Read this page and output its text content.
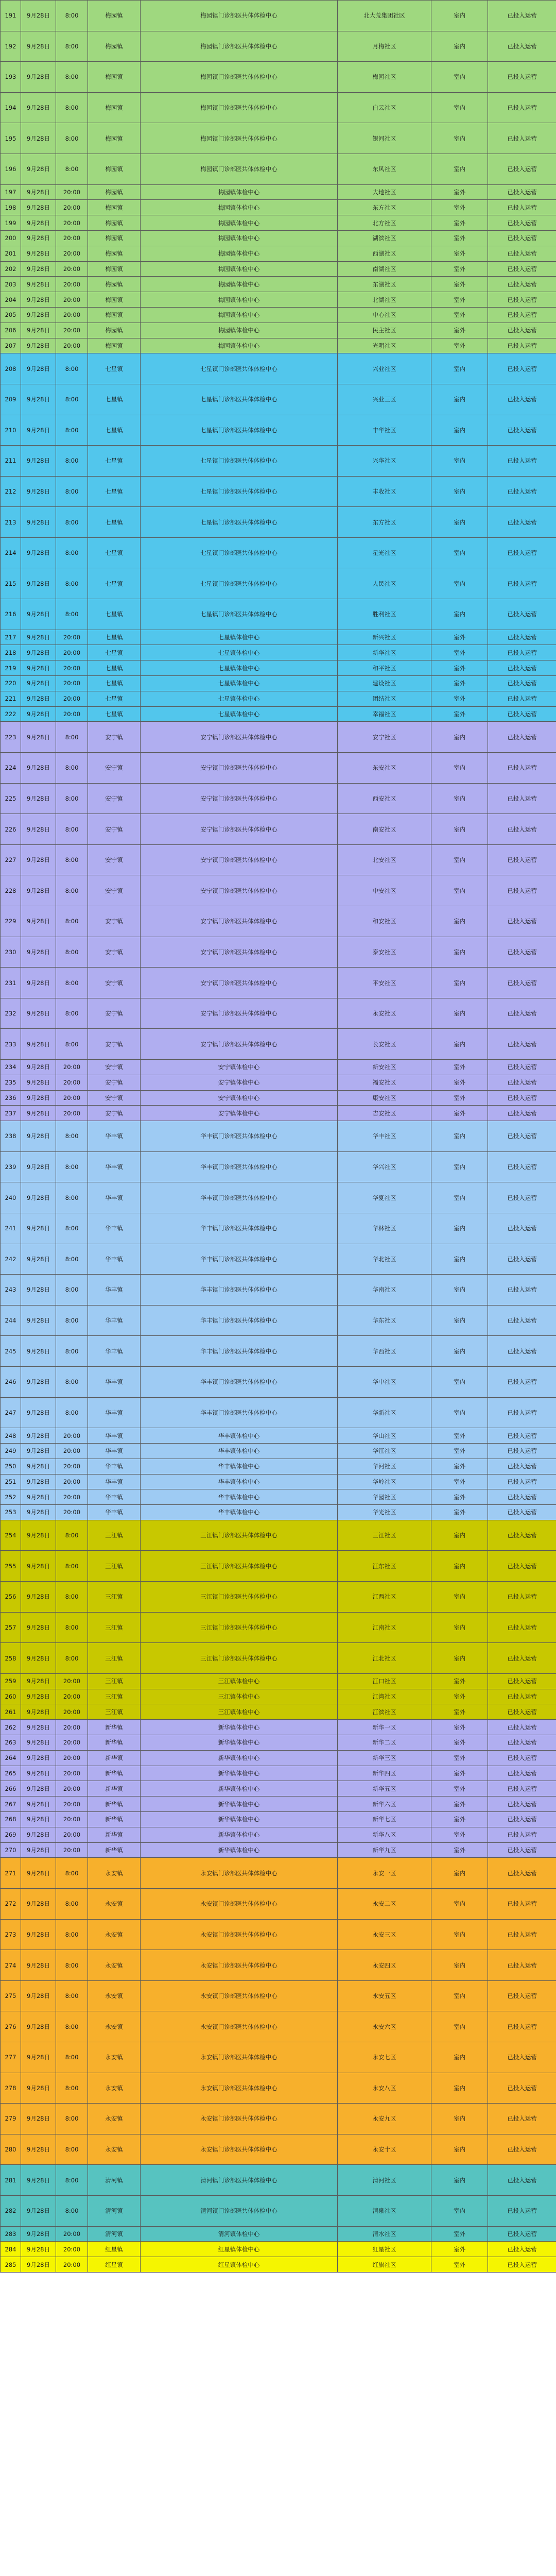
191	9月28日	8:00	梅园镇	梅园镇门诊部医共体体检中心	北大荒集团社区	室内	已投入运营
192	9月28日	8:00	梅园镇	梅园镇门诊部医共体体检中心	月梅社区	室内	已投入运营
193	9月28日	8:00	梅园镇	梅园镇门诊部医共体体检中心	梅园社区	室内	已投入运营
194	9月28日	8:00	梅园镇	梅园镇门诊部医共体体检中心	白云社区	室内	已投入运营
195	9月28日	8:00	梅园镇	梅园镇门诊部医共体体检中心	银河社区	室内	已投入运营
196	9月28日	8:00	梅园镇	梅园镇门诊部医共体体检中心	东风社区	室内	已投入运营
197	9月28日	20:00	梅园镇	梅园镇体检中心	大地社区	室外	已投入运营
198	9月28日	20:00	梅园镇	梅园镇体检中心	东方社区	室外	已投入运营
199	9月28日	20:00	梅园镇	梅园镇体检中心	北方社区	室外	已投入运营
200	9月28日	20:00	梅园镇	梅园镇体检中心	湖滨社区	室外	已投入运营
201	9月28日	20:00	梅园镇	梅园镇体检中心	西湖社区	室外	已投入运营
202	9月28日	20:00	梅园镇	梅园镇体检中心	南湖社区	室外	已投入运营
203	9月28日	20:00	梅园镇	梅园镇体检中心	东湖社区	室外	已投入运营
204	9月28日	20:00	梅园镇	梅园镇体检中心	北湖社区	室外	已投入运营
205	9月28日	20:00	梅园镇	梅园镇体检中心	中心社区	室外	已投入运营
206	9月28日	20:00	梅园镇	梅园镇体检中心	民主社区	室外	已投入运营
207	9月28日	20:00	梅园镇	梅园镇体检中心	光明社区	室外	已投入运营
208	9月28日	8:00	七星镇	七星镇门诊部医共体体检中心	兴业社区	室内	已投入运营
209	9月28日	8:00	七星镇	七星镇门诊部医共体体检中心	兴业三区	室内	已投入运营
210	9月28日	8:00	七星镇	七星镇门诊部医共体体检中心	丰华社区	室内	已投入运营
211	9月28日	8:00	七星镇	七星镇门诊部医共体体检中心	兴华社区	室内	已投入运营
212	9月28日	8:00	七星镇	七星镇门诊部医共体体检中心	丰收社区	室内	已投入运营
213	9月28日	8:00	七星镇	七星镇门诊部医共体体检中心	东方社区	室内	已投入运营
214	9月28日	8:00	七星镇	七星镇门诊部医共体体检中心	星光社区	室内	已投入运营
215	9月28日	8:00	七星镇	七星镇门诊部医共体体检中心	人民社区	室内	已投入运营
216	9月28日	8:00	七星镇	七星镇门诊部医共体体检中心	胜利社区	室内	已投入运营
217	9月28日	20:00	七星镇	七星镇体检中心	新兴社区	室外	已投入运营
218	9月28日	20:00	七星镇	七星镇体检中心	新华社区	室外	已投入运营
219	9月28日	20:00	七星镇	七星镇体检中心	和平社区	室外	已投入运营
220	9月28日	20:00	七星镇	七星镇体检中心	建设社区	室外	已投入运营
221	9月28日	20:00	七星镇	七星镇体检中心	团结社区	室外	已投入运营
222	9月28日	20:00	七星镇	七星镇体检中心	幸福社区	室外	已投入运营
223	9月28日	8:00	安宁镇	安宁镇门诊部医共体体检中心	安宁社区	室内	已投入运营
224	9月28日	8:00	安宁镇	安宁镇门诊部医共体体检中心	东安社区	室内	已投入运营
225	9月28日	8:00	安宁镇	安宁镇门诊部医共体体检中心	西安社区	室内	已投入运营
226	9月28日	8:00	安宁镇	安宁镇门诊部医共体体检中心	南安社区	室内	已投入运营
227	9月28日	8:00	安宁镇	安宁镇门诊部医共体体检中心	北安社区	室内	已投入运营
228	9月28日	8:00	安宁镇	安宁镇门诊部医共体体检中心	中安社区	室内	已投入运营
229	9月28日	8:00	安宁镇	安宁镇门诊部医共体体检中心	和安社区	室内	已投入运营
230	9月28日	8:00	安宁镇	安宁镇门诊部医共体体检中心	泰安社区	室内	已投入运营
231	9月28日	8:00	安宁镇	安宁镇门诊部医共体体检中心	平安社区	室内	已投入运营
232	9月28日	8:00	安宁镇	安宁镇门诊部医共体体检中心	永安社区	室内	已投入运营
233	9月28日	8:00	安宁镇	安宁镇门诊部医共体体检中心	长安社区	室内	已投入运营
234	9月28日	20:00	安宁镇	安宁镇体检中心	新安社区	室外	已投入运营
235	9月28日	20:00	安宁镇	安宁镇体检中心	福安社区	室外	已投入运营
236	9月28日	20:00	安宁镇	安宁镇体检中心	康安社区	室外	已投入运营
237	9月28日	20:00	安宁镇	安宁镇体检中心	吉安社区	室外	已投入运营
238	9月28日	8:00	华丰镇	华丰镇门诊部医共体体检中心	华丰社区	室内	已投入运营
239	9月28日	8:00	华丰镇	华丰镇门诊部医共体体检中心	华兴社区	室内	已投入运营
240	9月28日	8:00	华丰镇	华丰镇门诊部医共体体检中心	华夏社区	室内	已投入运营
241	9月28日	8:00	华丰镇	华丰镇门诊部医共体体检中心	华林社区	室内	已投入运营
242	9月28日	8:00	华丰镇	华丰镇门诊部医共体体检中心	华北社区	室内	已投入运营
243	9月28日	8:00	华丰镇	华丰镇门诊部医共体体检中心	华南社区	室内	已投入运营
244	9月28日	8:00	华丰镇	华丰镇门诊部医共体体检中心	华东社区	室内	已投入运营
245	9月28日	8:00	华丰镇	华丰镇门诊部医共体体检中心	华西社区	室内	已投入运营
246	9月28日	8:00	华丰镇	华丰镇门诊部医共体体检中心	华中社区	室内	已投入运营
247	9月28日	8:00	华丰镇	华丰镇门诊部医共体体检中心	华新社区	室内	已投入运营
248	9月28日	20:00	华丰镇	华丰镇体检中心	华山社区	室外	已投入运营
249	9月28日	20:00	华丰镇	华丰镇体检中心	华江社区	室外	已投入运营
250	9月28日	20:00	华丰镇	华丰镇体检中心	华河社区	室外	已投入运营
251	9月28日	20:00	华丰镇	华丰镇体检中心	华岭社区	室外	已投入运营
252	9月28日	20:00	华丰镇	华丰镇体检中心	华园社区	室外	已投入运营
253	9月28日	20:00	华丰镇	华丰镇体检中心	华光社区	室外	已投入运营
254	9月28日	8:00	三江镇	三江镇门诊部医共体体检中心	三江社区	室内	已投入运营
255	9月28日	8:00	三江镇	三江镇门诊部医共体体检中心	江东社区	室内	已投入运营
256	9月28日	8:00	三江镇	三江镇门诊部医共体体检中心	江西社区	室内	已投入运营
257	9月28日	8:00	三江镇	三江镇门诊部医共体体检中心	江南社区	室内	已投入运营
258	9月28日	8:00	三江镇	三江镇门诊部医共体体检中心	江北社区	室内	已投入运营
259	9月28日	20:00	三江镇	三江镇体检中心	江口社区	室外	已投入运营
260	9月28日	20:00	三江镇	三江镇体检中心	江湾社区	室外	已投入运营
261	9月28日	20:00	三江镇	三江镇体检中心	江滨社区	室外	已投入运营
262	9月28日	20:00	新华镇	新华镇体检中心	新华一区	室外	已投入运营
263	9月28日	20:00	新华镇	新华镇体检中心	新华二区	室外	已投入运营
264	9月28日	20:00	新华镇	新华镇体检中心	新华三区	室外	已投入运营
265	9月28日	20:00	新华镇	新华镇体检中心	新华四区	室外	已投入运营
266	9月28日	20:00	新华镇	新华镇体检中心	新华五区	室外	已投入运营
267	9月28日	20:00	新华镇	新华镇体检中心	新华六区	室外	已投入运营
268	9月28日	20:00	新华镇	新华镇体检中心	新华七区	室外	已投入运营
269	9月28日	20:00	新华镇	新华镇体检中心	新华八区	室外	已投入运营
270	9月28日	20:00	新华镇	新华镇体检中心	新华九区	室外	已投入运营
271	9月28日	8:00	永安镇	永安镇门诊部医共体体检中心	永安一区	室内	已投入运营
272	9月28日	8:00	永安镇	永安镇门诊部医共体体检中心	永安二区	室内	已投入运营
273	9月28日	8:00	永安镇	永安镇门诊部医共体体检中心	永安三区	室内	已投入运营
274	9月28日	8:00	永安镇	永安镇门诊部医共体体检中心	永安四区	室内	已投入运营
275	9月28日	8:00	永安镇	永安镇门诊部医共体体检中心	永安五区	室内	已投入运营
276	9月28日	8:00	永安镇	永安镇门诊部医共体体检中心	永安六区	室内	已投入运营
277	9月28日	8:00	永安镇	永安镇门诊部医共体体检中心	永安七区	室内	已投入运营
278	9月28日	8:00	永安镇	永安镇门诊部医共体体检中心	永安八区	室内	已投入运营
279	9月28日	8:00	永安镇	永安镇门诊部医共体体检中心	永安九区	室内	已投入运营
280	9月28日	8:00	永安镇	永安镇门诊部医共体体检中心	永安十区	室内	已投入运营
281	9月28日	8:00	清河镇	清河镇门诊部医共体体检中心	清河社区	室内	已投入运营
282	9月28日	8:00	清河镇	清河镇门诊部医共体体检中心	清泉社区	室内	已投入运营
283	9月28日	20:00	清河镇	清河镇体检中心	清水社区	室外	已投入运营
284	9月28日	20:00	红星镇	红星镇体检中心	红星社区	室外	已投入运营
285	9月28日	20:00	红星镇	红星镇体检中心	红旗社区	室外	已投入运营
